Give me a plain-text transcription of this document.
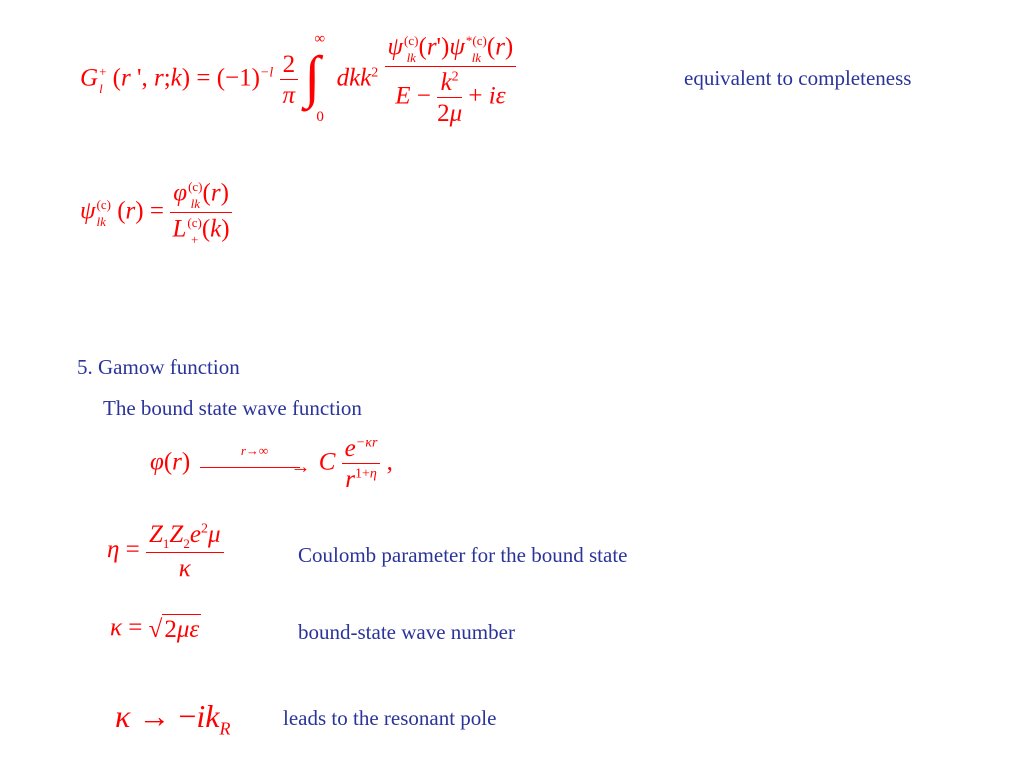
G +
l (r ', r;k) = $(-1)^{-l} \frac{2}{\pi}$

∞
∫
0
dkk$^2$ ψ (c)
lk (r')ψ *(c)
lk (r)
$E - \frac{k^2}{2\mu} + i\varepsilon$	equivalent to completeness
ψ (c)
lk (r) = φ (c)
lk (r)
L (c)
+ (k)
5. Gamow function
The bound state wave function
φ(r)	r→∞
→ C $\frac{e^{-\kappa r}}{r^{1+\eta}}$ ,
$\eta = \frac{Z_1Z_2e^2\mu}{\kappa}$	Coulomb parameter for the bound state
κ = √2με	bound-state wave number
$\kappa \to -ik_R$	leads to the resonant pole
